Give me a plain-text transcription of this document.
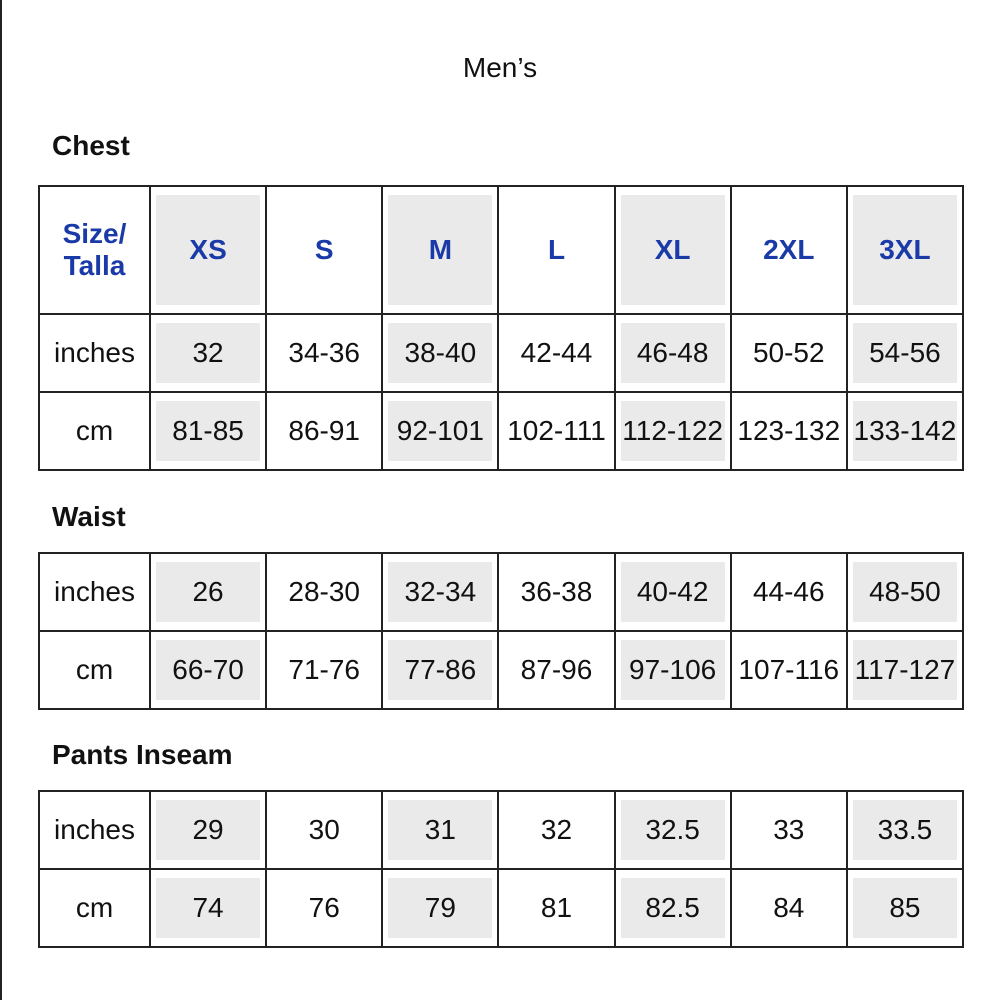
Men’s
Chest
Size/
Talla	XS	S	M	L	XL	2XL	3XL

inches	32	34-36	38-40	42-44	46-48	50-52	54-56

cm	81-85	86-91	92-101	102-111	112-122	123-132	133-142
Waist
inches	26	28-30	32-34	36-38	40-42	44-46	48-50

cm	66-70	71-76	77-86	87-96	97-106	107-116	117-127
Pants Inseam
inches	29	30	31	32	32.5	33	33.5

cm	74	76	79	81	82.5	84	85
